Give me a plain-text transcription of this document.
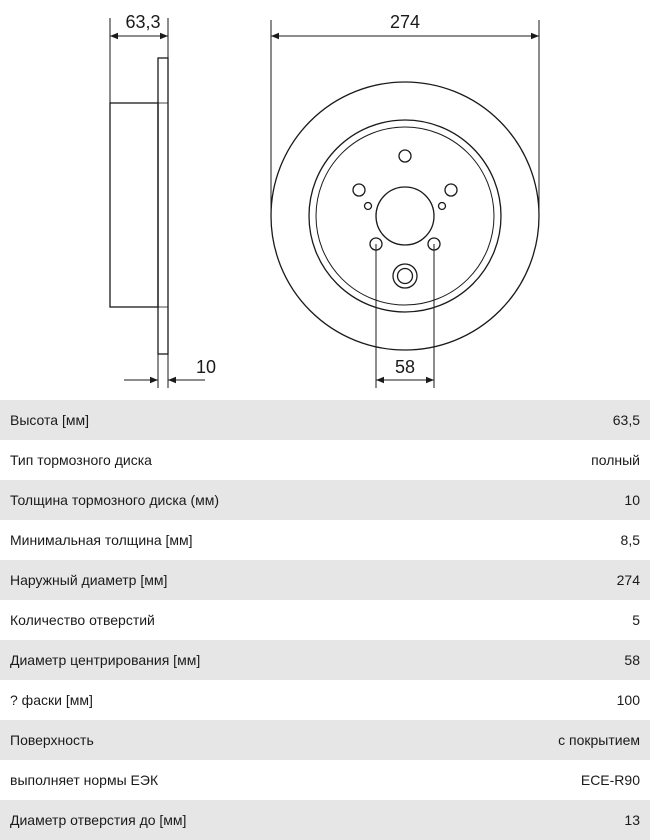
63,3
10
274
58
Высота [мм]	63,5
Тип тормозного диска	полный
Толщина тормозного диска (мм)	10
Минимальная толщина [мм]	8,5
Наружный диаметр [мм]	274
Количество отверстий	5
Диаметр центрирования [мм]	58
? фаски [мм]	100
Поверхность	с покрытием
выполняет нормы ЕЭК	ECE-R90
Диаметр отверстия до [мм]	13
